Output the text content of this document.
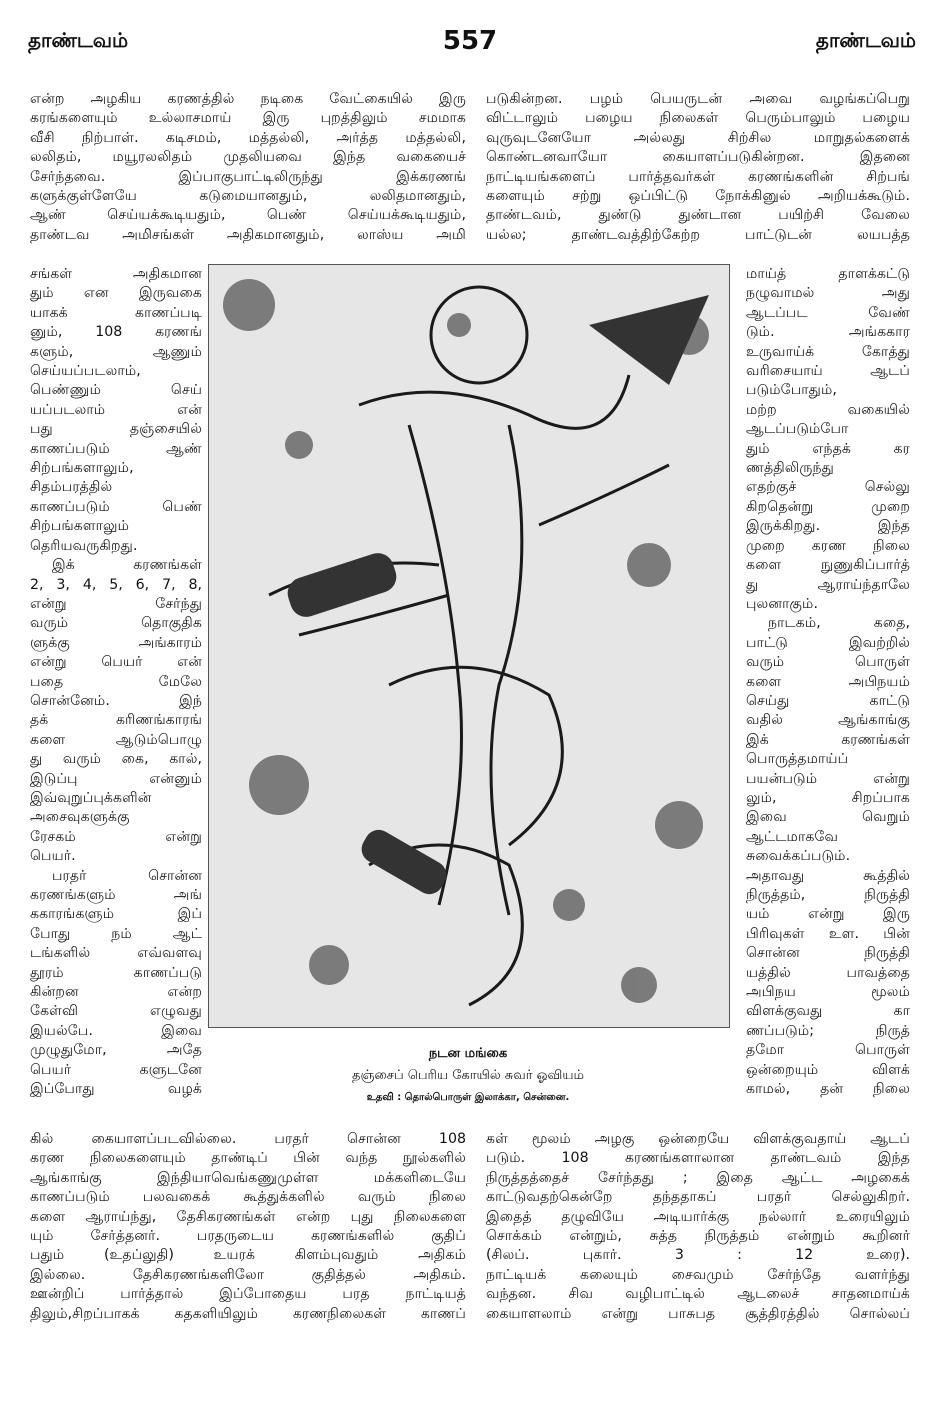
தாண்டவம்	557	தாண்டவம்
என்ற அழகிய கரணத்தில் நடிகை வேட்கையில் இரு
கரங்களையும் உல்லாசமாய் இரு புறத்திலும் சமமாக
வீசி நிற்பாள். கடிசமம், மத்தல்லி, அர்த்த மத்தல்லி,
லலிதம், மயூரலலிதம் முதலியவை இந்த வகையைச்
சேர்ந்தவை. இப்பாகுபாட்டிலிருந்து இக்கரணங்
களுக்குள்ளேயே கடுமையானதும், லலிதமானதும்,
ஆண் செய்யக்கூடியதும், பெண் செய்யக்கூடியதும்,
தாண்டவ அமிசங்கள் அதிகமானதும், லாஸ்ய அமி
படுகின்றன. பழம் பெயருடன் அவை வழங்கப்பெறு
விட்டாலும் பழைய நிலைகள் பெரும்பாலும் பழைய
வுருவுடனேயோ அல்லது சிற்சில மாறுதல்களைக்
கொண்டனவாயோ கையாளப்படுகின்றன. இதனை
நாட்டியங்களைப் பார்த்தவர்கள் கரணங்களின் சிற்பங்
களையும் சற்று ஒப்பிட்டு நோக்கினுல் அறியக்கூடும்.
தாண்டவம், துண்டு துண்டான பயிற்சி வேலை
யல்ல; தாண்டவத்திற்கேற்ற பாட்டுடன் லயபத்த
சங்கள் அதிகமான
தும் என இருவகை
யாகக் காணப்படி
னும், 108 கரணங்
களும், ஆணும்
செய்யப்படலாம்,
பெண்ணும் செய்
யப்படலாம் என்
பது தஞ்சையில்
காணப்படும் ஆண்
சிற்பங்களாலும்,
சிதம்பரத்தில்
காணப்படும் பெண்
சிற்பங்களாலும்
தெரியவருகிறது.
இக் கரணங்கள்
2, 3, 4, 5, 6, 7, 8,
என்று சேர்ந்து
வரும் தொகுதிக
ளுக்கு அங்காரம்
என்று பெயர் என்
பதை மேலே
சொன்னேம். இந்
தக் கரிணங்காரங்
களை ஆடும்பொழு
து வரும் கை, கால்,
இடுப்பு என்னும்
இவ்வுறுப்புக்களின்
அசைவுகளுக்கு
ரேசகம் என்று
பெயர்.
பரதர் சொன்ன
கரணங்களும் அங்
ககாரங்களும் இப்
போது நம் ஆட்
டங்களில் எவ்வளவு
தூரம் காணப்படு
கின்றன என்ற
கேள்வி எழுவது
இயல்பே. இவை
முழுதுமோ, அதே
பெயர் களுடனே
இப்போது வழக்
மாய்த் தாளக்கட்டு
நழுவாமல் அது
ஆடப்பட வேண்
டும். அங்ககார
உருவாய்க் கோத்து
வரிசையாய் ஆடப்
படும்போதும்,
மற்ற வகையில்
ஆடப்படும்போ
தும் எந்தக் கர
ணத்திலிருந்து
எதற்குச் செல்லு
கிறதென்று முறை
இருக்கிறது. இந்த
முறை கரண நிலை
களை நுணுகிப்பார்த்
து ஆராய்ந்தாலே
புலனாகும்.
நாடகம், கதை,
பாட்டு இவற்றில்
வரும் பொருள்
களை அபிநயம்
செய்து காட்டு
வதில் ஆங்காங்கு
இக் கரணங்கள்
பொருத்தமாய்ப்
பயன்படும் என்று
லும், சிறப்பாக
இவை வெறும்
ஆட்டமாகவே
சுவைக்கப்படும்.
அதாவது கூத்தில்
நிருத்தம், நிருத்தி
யம் என்று இரு
பிரிவுகள் உள. பின்
சொன்ன நிருத்தி
யத்தில் பாவத்தை
அபிநய மூலம்
விளக்குவது கா
ணப்படும்; நிருத்
தமோ பொருள்
ஒன்றையும் விளக்
காமல், தன் நிலை
நடன மங்கை
தஞ்சைப் பெரிய கோயில் சுவர் ஓவியம்
உதவி : தொல்பொருள் இலாக்கா, சென்னை.
கில் கையாளப்படவில்லை. பரதர் சொன்ன 108
கரண நிலைகளையும் தாண்டிப் பின் வந்த நூல்களில்
ஆங்காங்கு இந்தியாவெங்கணுமுள்ள மக்களிடையே
காணப்படும் பலவகைக் கூத்துக்களில் வரும் நிலை
களை ஆராய்ந்து, தேசிகரணங்கள் என்ற புது நிலைகளை
யும் சேர்த்தனர். பரதருடைய கரணங்களில் குதிப்
பதும் (உதப்லுதி) உயரக் கிளம்புவதும் அதிகம்
இல்லை. தேசிகரணங்களிலோ குதித்தல் அதிகம்.
ஊன்றிப் பார்த்தால் இப்போதைய பரத நாட்டியத்
திலும்,சிறப்பாகக் கதகளியிலும் கரணநிலைகள் காணப்
கள் மூலம் அழகு ஒன்றையே விளக்குவதாய் ஆடப்
படும். 108 கரணங்களாலான தாண்டவம் இந்த
நிருத்தத்தைச் சேர்ந்தது ; இதை ஆட்ட அழகைக்
காட்டுவதற்கென்றே தந்ததாகப் பரதர் செல்லுகிறர்.
இதைத் தழுவியே அடியார்க்கு நல்லார் உரையிலும்
சொக்கம் என்றும், சுத்த நிருத்தம் என்றும் கூறினர்
(சிலப். புகார். 3 : 12 உரை).
நாட்டியக் கலையும் சைவமும் சேர்ந்தே வளர்ந்து
வந்தன. சிவ வழிபாட்டில் ஆடலைச் சாதனமாய்க்
கையாளலாம் என்று பாசுபத சூத்திரத்தில் சொல்லப்
